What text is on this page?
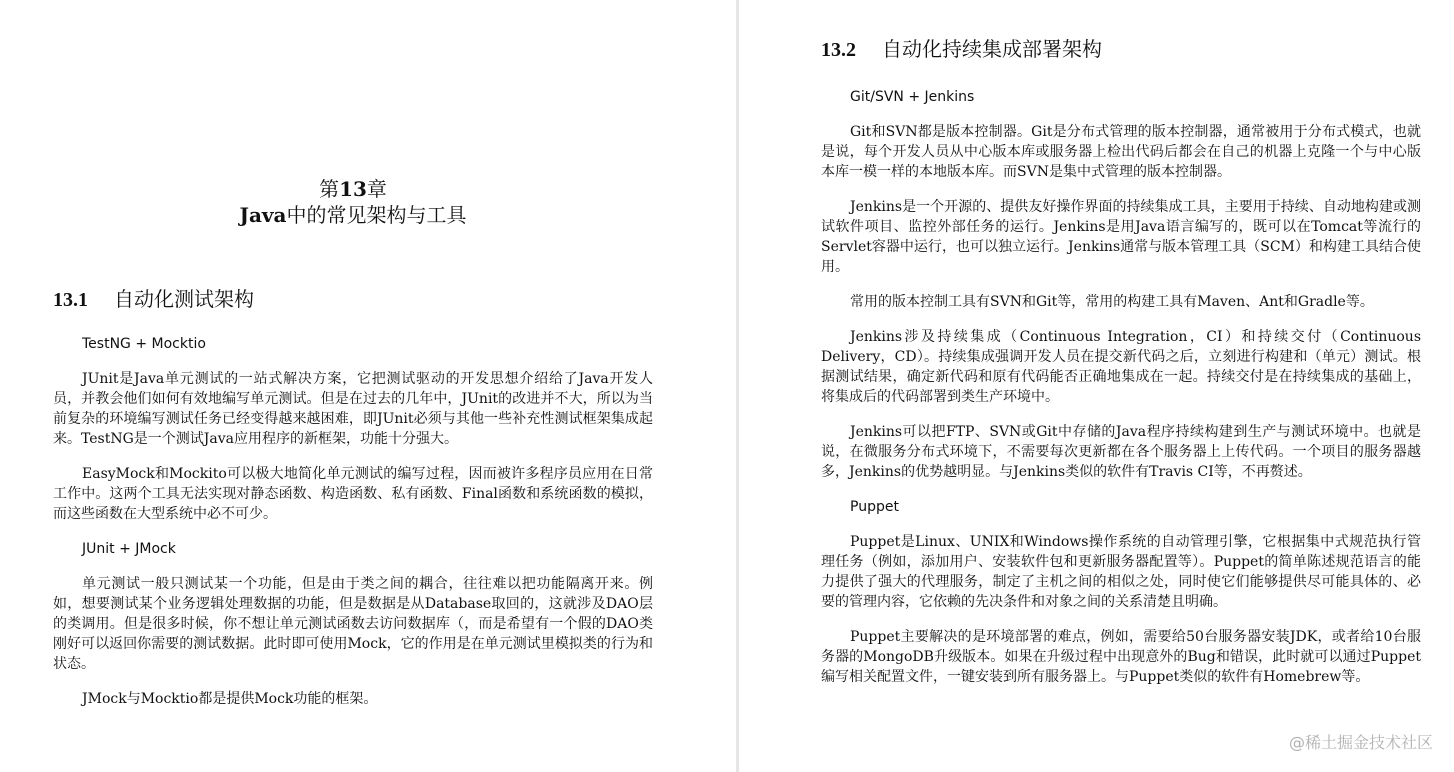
第13章
Java中的常见架构与工具
13.1 自动化测试架构
TestNG + Mocktio

JUnit是Java单元测试的一站式解决方案，它把测试驱动的开发思想介绍给了Java开发人员，并教会他们如何有效地编写单元测试。但是在过去的几年中，JUnit的改进并不大，所以为当前复杂的环境编写测试任务已经变得越来越困难，即JUnit必须与其他一些补充性测试框架集成起来。TestNG是一个测试Java应用程序的新框架，功能十分强大。

EasyMock和Mockito可以极大地简化单元测试的编写过程，因而被许多程序员应用在日常工作中。这两个工具无法实现对静态函数、构造函数、私有函数、Final函数和系统函数的模拟，而这些函数在大型系统中必不可少。

JUnit + JMock

单元测试一般只测试某一个功能，但是由于类之间的耦合，往往难以把功能隔离开来。例如，想要测试某个业务逻辑处理数据的功能，但是数据是从Database取回的，这就涉及DAO层的类调用。但是很多时候，你不想让单元测试函数去访问数据库（，而是希望有一个假的DAO类刚好可以返回你需要的测试数据。此时即可使用Mock，它的作用是在单元测试里模拟类的行为和状态。

JMock与Mocktio都是提供Mock功能的框架。

13.2 自动化持续集成部署架构
Git/SVN + Jenkins

Git和SVN都是版本控制器。Git是分布式管理的版本控制器，通常被用于分布式模式，也就是说，每个开发人员从中心版本库或服务器上检出代码后都会在自己的机器上克隆一个与中心版本库一模一样的本地版本库。而SVN是集中式管理的版本控制器。

Jenkins是一个开源的、提供友好操作界面的持续集成工具，主要用于持续、自动地构建或测试软件项目、监控外部任务的运行。Jenkins是用Java语言编写的，既可以在Tomcat等流行的Servlet容器中运行，也可以独立运行。Jenkins通常与版本管理工具（SCM）和构建工具结合使用。

常用的版本控制工具有SVN和Git等，常用的构建工具有Maven、Ant和Gradle等。

Jenkins涉及持续集成（Continuous Integration，CI）和持续交付（Continuous Delivery，CD）。持续集成强调开发人员在提交新代码之后，立刻进行构建和（单元）测试。根据测试结果，确定新代码和原有代码能否正确地集成在一起。持续交付是在持续集成的基础上，将集成后的代码部署到类生产环境中。

Jenkins可以把FTP、SVN或Git中存储的Java程序持续构建到生产与测试环境中。也就是说，在微服务分布式环境下，不需要每次更新都在各个服务器上上传代码。一个项目的服务器越多，Jenkins的优势越明显。与Jenkins类似的软件有Travis CI等，不再赘述。

Puppet

Puppet是Linux、UNIX和Windows操作系统的自动管理引擎，它根据集中式规范执行管理任务（例如，添加用户、安装软件包和更新服务器配置等）。Puppet的简单陈述规范语言的能力提供了强大的代理服务，制定了主机之间的相似之处，同时使它们能够提供尽可能具体的、必要的管理内容，它依赖的先决条件和对象之间的关系清楚且明确。

Puppet主要解决的是环境部署的难点，例如，需要给50台服务器安装JDK，或者给10台服务器的MongoDB升级版本。如果在升级过程中出现意外的Bug和错误，此时就可以通过Puppet编写相关配置文件，一键安装到所有服务器上。与Puppet类似的软件有Homebrew等。

@稀土掘金技术社区
